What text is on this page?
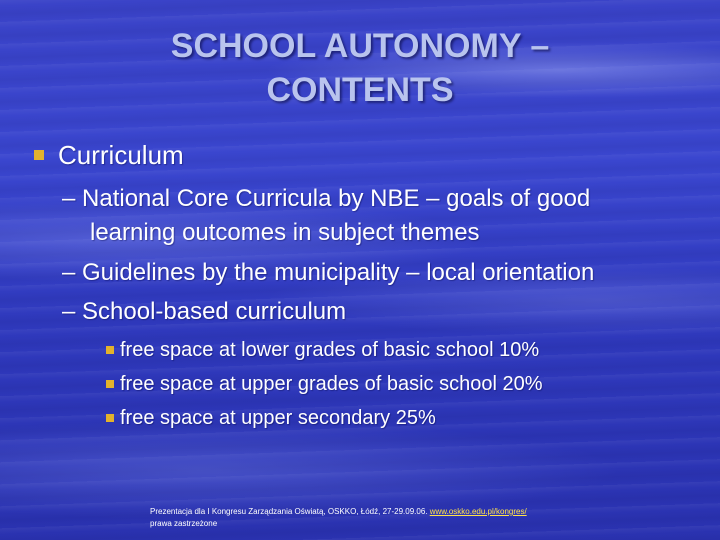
SCHOOL AUTONOMY –
CONTENTS
Curriculum
– National Core Curricula by NBE – goals of good
learning outcomes in subject themes
– Guidelines by the municipality – local orientation
– School-based curriculum
free space at lower grades of basic school 10%
free space at upper grades of basic school 20%
free space at upper secondary 25%
Prezentacja dla I Kongresu Zarządzania Oświatą, OSKKO, Łódź, 27-29.09.06. www.oskko.edu.pl/kongres/
prawa zastrzeżone
